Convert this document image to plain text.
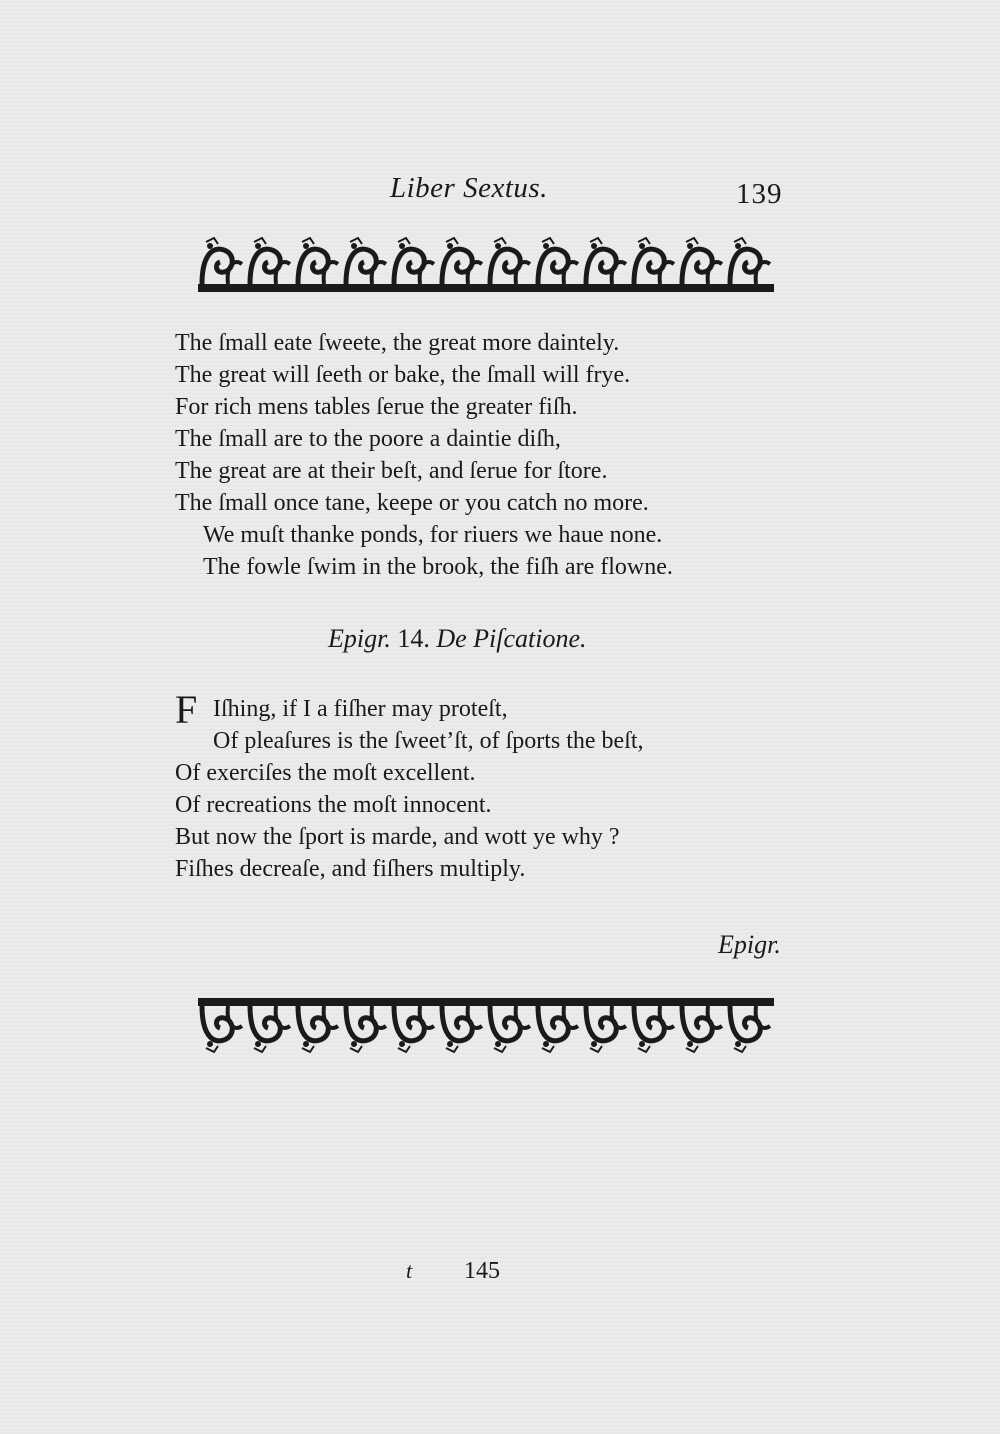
Liber Sextus.	139
The ſmall eate ſweete, the great more daintely.
The great will ſeeth or bake, the ſmall will frye.
For rich mens tables ſerue the greater fiſh.
The ſmall are to the poore a daintie diſh,
The great are at their beſt, and ſerue for ſtore.
The ſmall once tane, keepe or you catch no more.
We muſt thanke ponds, for riuers we haue none.
The fowle ſwim in the brook, the fiſh are flowne.
Epigr. 14. De Piſcatione.
F Iſhing, if I a fiſher may proteſt,
Of pleaſures is the ſweet’ſt, of ſports the beſt,
Of exerciſes the moſt excellent.
Of recreations the moſt innocent.
But now the ſport is marde, and wott ye why ?
Fiſhes decreaſe, and fiſhers multiply.
Epigr.
t 145
